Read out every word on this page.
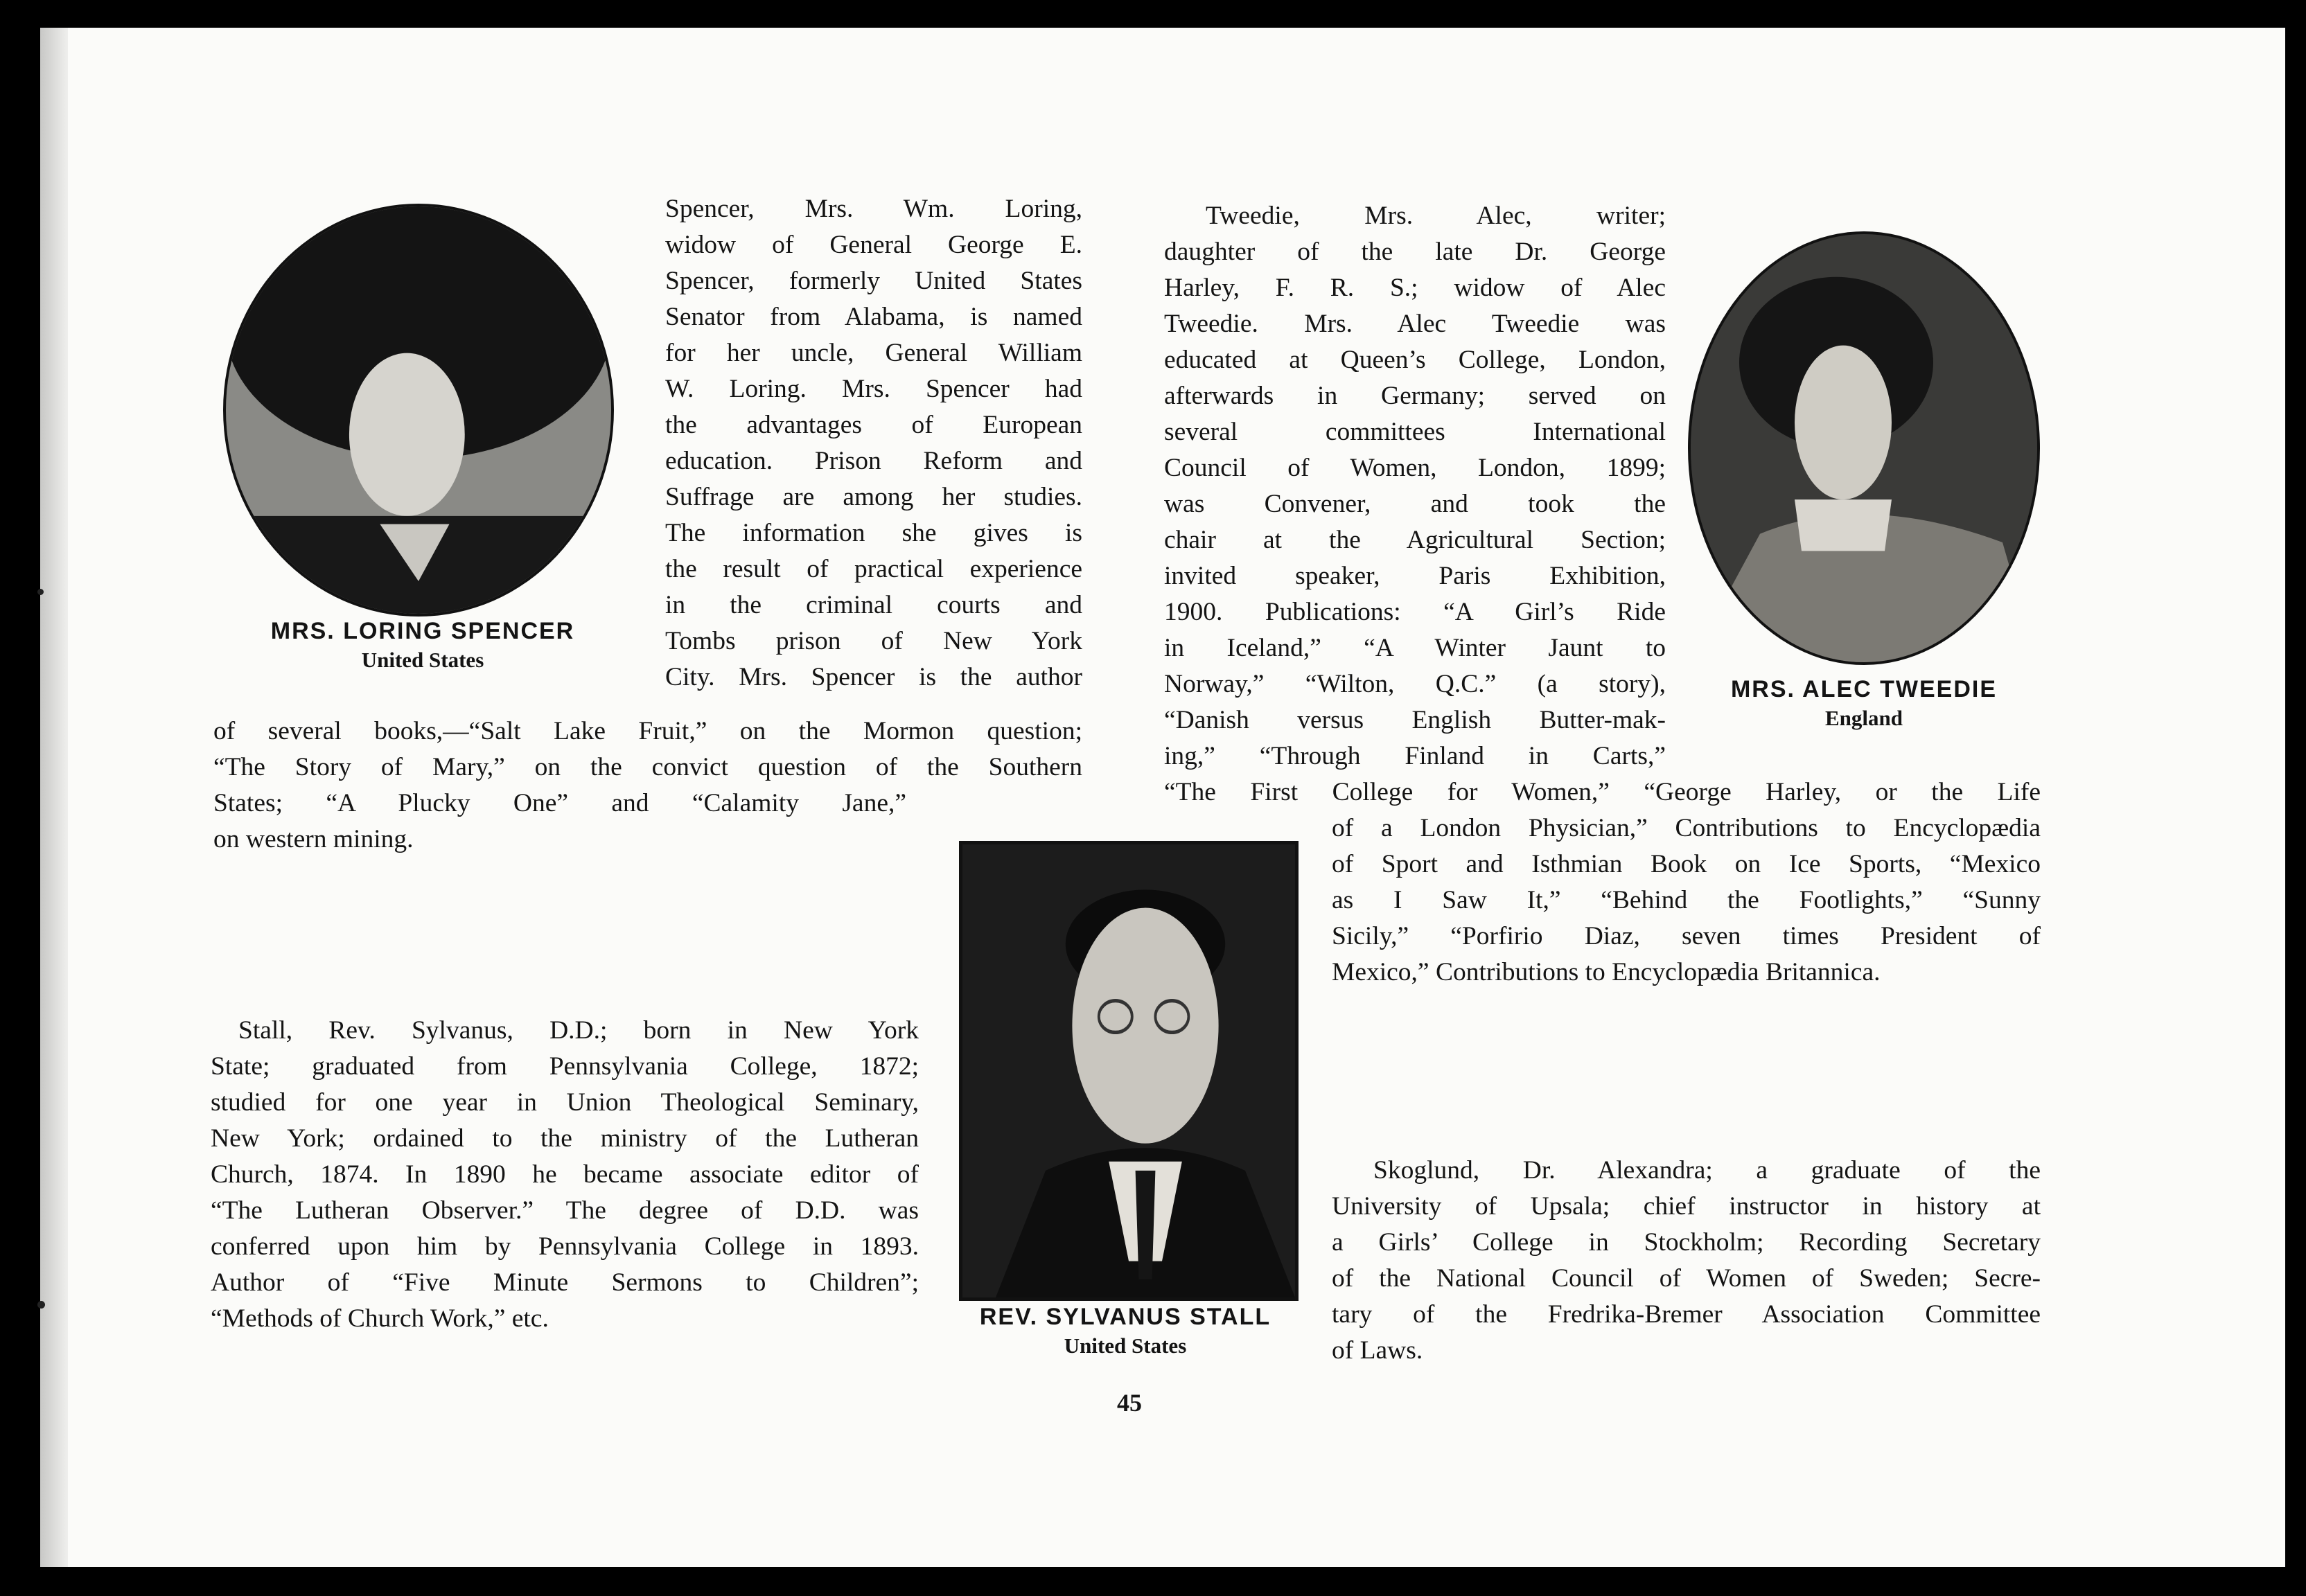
MRS. LORING SPENCER
United States
Spencer, Mrs. Wm. Loring,
widow of General George E.
Spencer, formerly United States
Senator from Alabama, is named
for her uncle, General William
W. Loring. Mrs. Spencer had
the advantages of European
education. Prison Reform and
Suffrage are among her studies.
The information she gives is
the result of practical experience
in the criminal courts and
Tombs prison of New York
City. Mrs. Spencer is the author
of several books,—“Salt Lake Fruit,” on the Mormon question;
“The Story of Mary,” on the convict question of the Southern
States; “A Plucky One” and “Calamity Jane,”
on western mining.
MRS. ALEC TWEEDIE
England
Tweedie, Mrs. Alec, writer;
daughter of the late Dr. George
Harley, F. R. S.; widow of Alec
Tweedie. Mrs. Alec Tweedie was
educated at Queen’s College, London,
afterwards in Germany; served on
several committees International
Council of Women, London, 1899;
was Convener, and took the
chair at the Agricultural Section;
invited speaker, Paris Exhibition,
1900. Publications: “A Girl’s Ride
in Iceland,” “A Winter Jaunt to
Norway,” “Wilton, Q.C.” (a story),
“Danish versus English Butter-mak-
ing,” “Through Finland in Carts,”
“The First College for Women,” “George Harley, or the Life
of a London Physician,” Contributions to Encyclopædia
of Sport and Isthmian Book on Ice Sports, “Mexico
as I Saw It,” “Behind the Footlights,” “Sunny
Sicily,” “Porfirio Diaz, seven times President of
Mexico,” Contributions to Encyclopædia Britannica.
REV. SYLVANUS STALL
United States
Stall, Rev. Sylvanus, D.D.; born in New York
State; graduated from Pennsylvania College, 1872;
studied for one year in Union Theological Seminary,
New York; ordained to the ministry of the Lutheran
Church, 1874. In 1890 he became associate editor of
“The Lutheran Observer.” The degree of D.D. was
conferred upon him by Pennsylvania College in 1893.
Author of “Five Minute Sermons to Children”;
“Methods of Church Work,” etc.
Skoglund, Dr. Alexandra; a graduate of the
University of Upsala; chief instructor in history at
a Girls’ College in Stockholm; Recording Secretary
of the National Council of Women of Sweden; Secre-
tary of the Fredrika-Bremer Association Committee
of Laws.
45
